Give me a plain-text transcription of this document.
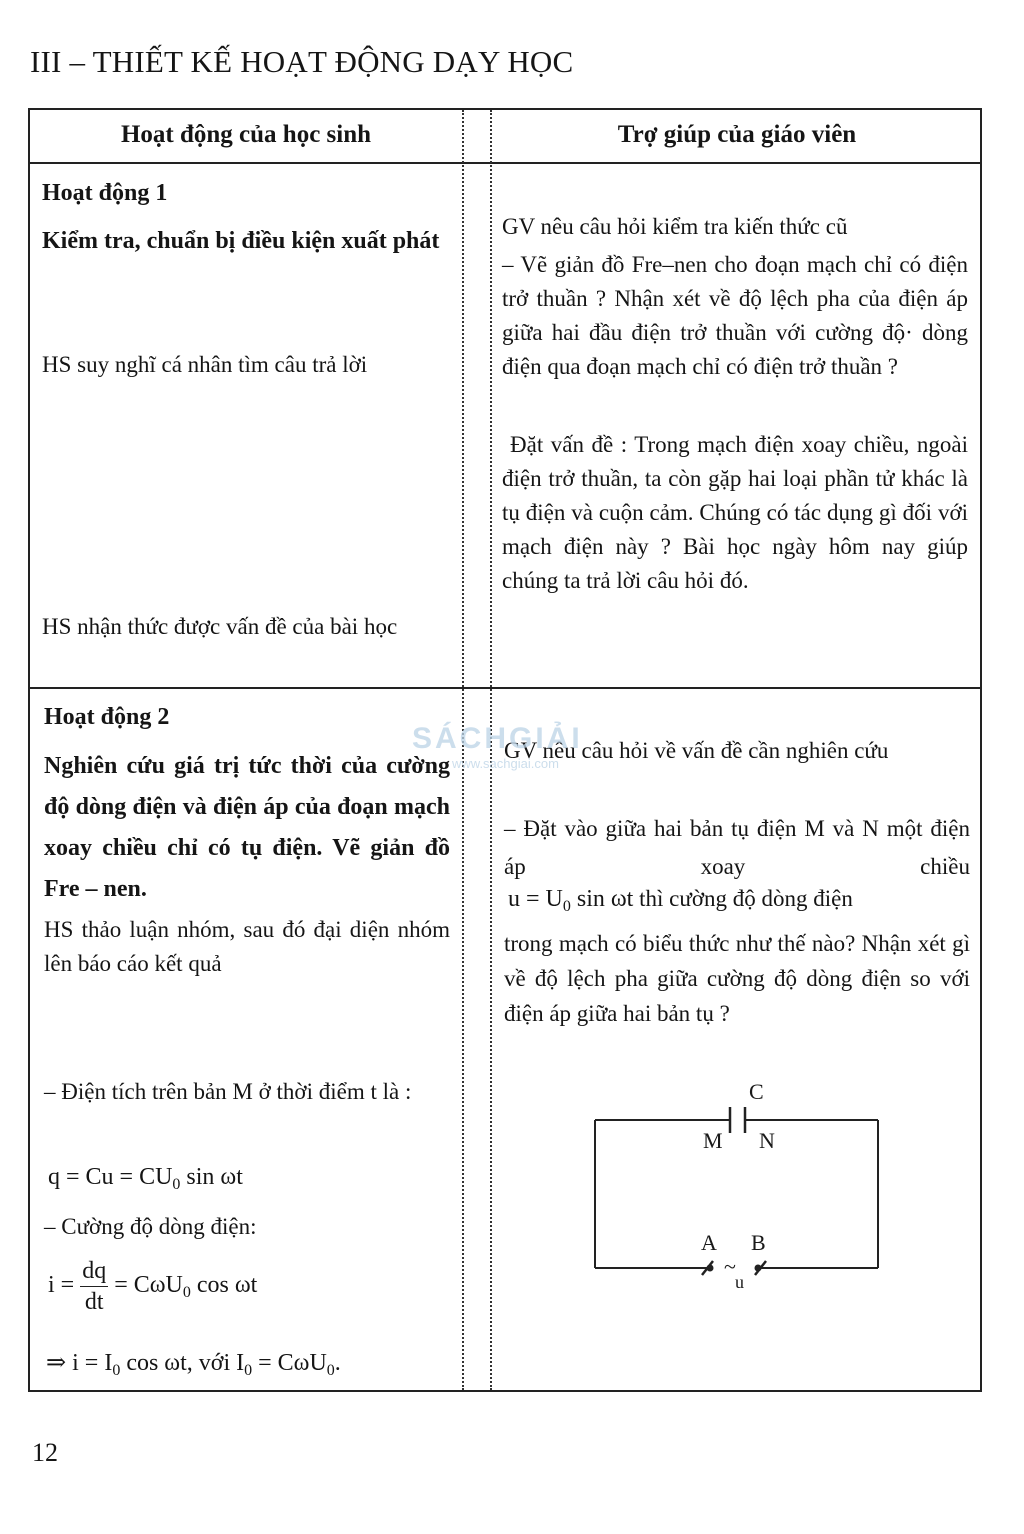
III – THIẾT KẾ HOẠT ĐỘNG DẠY HỌC
Hoạt động của học sinh	Trợ giúp của giáo viên
Hoạt động 1
Kiểm tra, chuẩn bị điều kiện xuất phát
HS suy nghĩ cá nhân tìm câu trả lời
HS nhận thức được vấn đề của bài học
GV nêu câu hỏi kiểm tra kiến thức cũ
– Vẽ giản đồ Fre–nen cho đoạn mạch chỉ có điện trở thuần ? Nhận xét về độ lệch pha của điện áp giữa hai đầu điện trở thuần với cường độ· dòng điện qua đoạn mạch chỉ có điện trở thuần ?
Đặt vấn đề : Trong mạch điện xoay chiều, ngoài điện trở thuần, ta còn gặp hai loại phần tử khác là tụ điện và cuộn cảm. Chúng có tác dụng gì đối với mạch điện này ? Bài học ngày hôm nay giúp chúng ta trả lời câu hỏi đó.
Hoạt động 2
Nghiên cứu giá trị tức thời của cường độ dòng điện và điện áp của đoạn mạch xoay chiều chỉ có tụ điện. Vẽ giản đồ Fre – nen.
HS thảo luận nhóm, sau đó đại diện nhóm lên báo cáo kết quả
– Điện tích trên bản M ở thời điểm t là :
$q = Cu = CU_0$ sin ωt
– Cường độ dòng điện:
$i = \frac{dq}{dt} = C\omega U_0$ cos ωt
⇒ $i = I_0$ cos ωt, với $I_0 = C\omega U_0$.
GV nêu câu hỏi về vấn đề cần nghiên cứu
– Đặt vào giữa hai bản tụ điện M và N một điện áp xoay chiều
$u = U_0$ sin ωt thì cường độ dòng điện
trong mạch có biểu thức như thế nào? Nhận xét gì về độ lệch pha giữa cường độ dòng điện so với điện áp giữa hai bản tụ ?
C
M N
A B
~
u
SÁCHGIẢI
www.sachgiai.com
12
